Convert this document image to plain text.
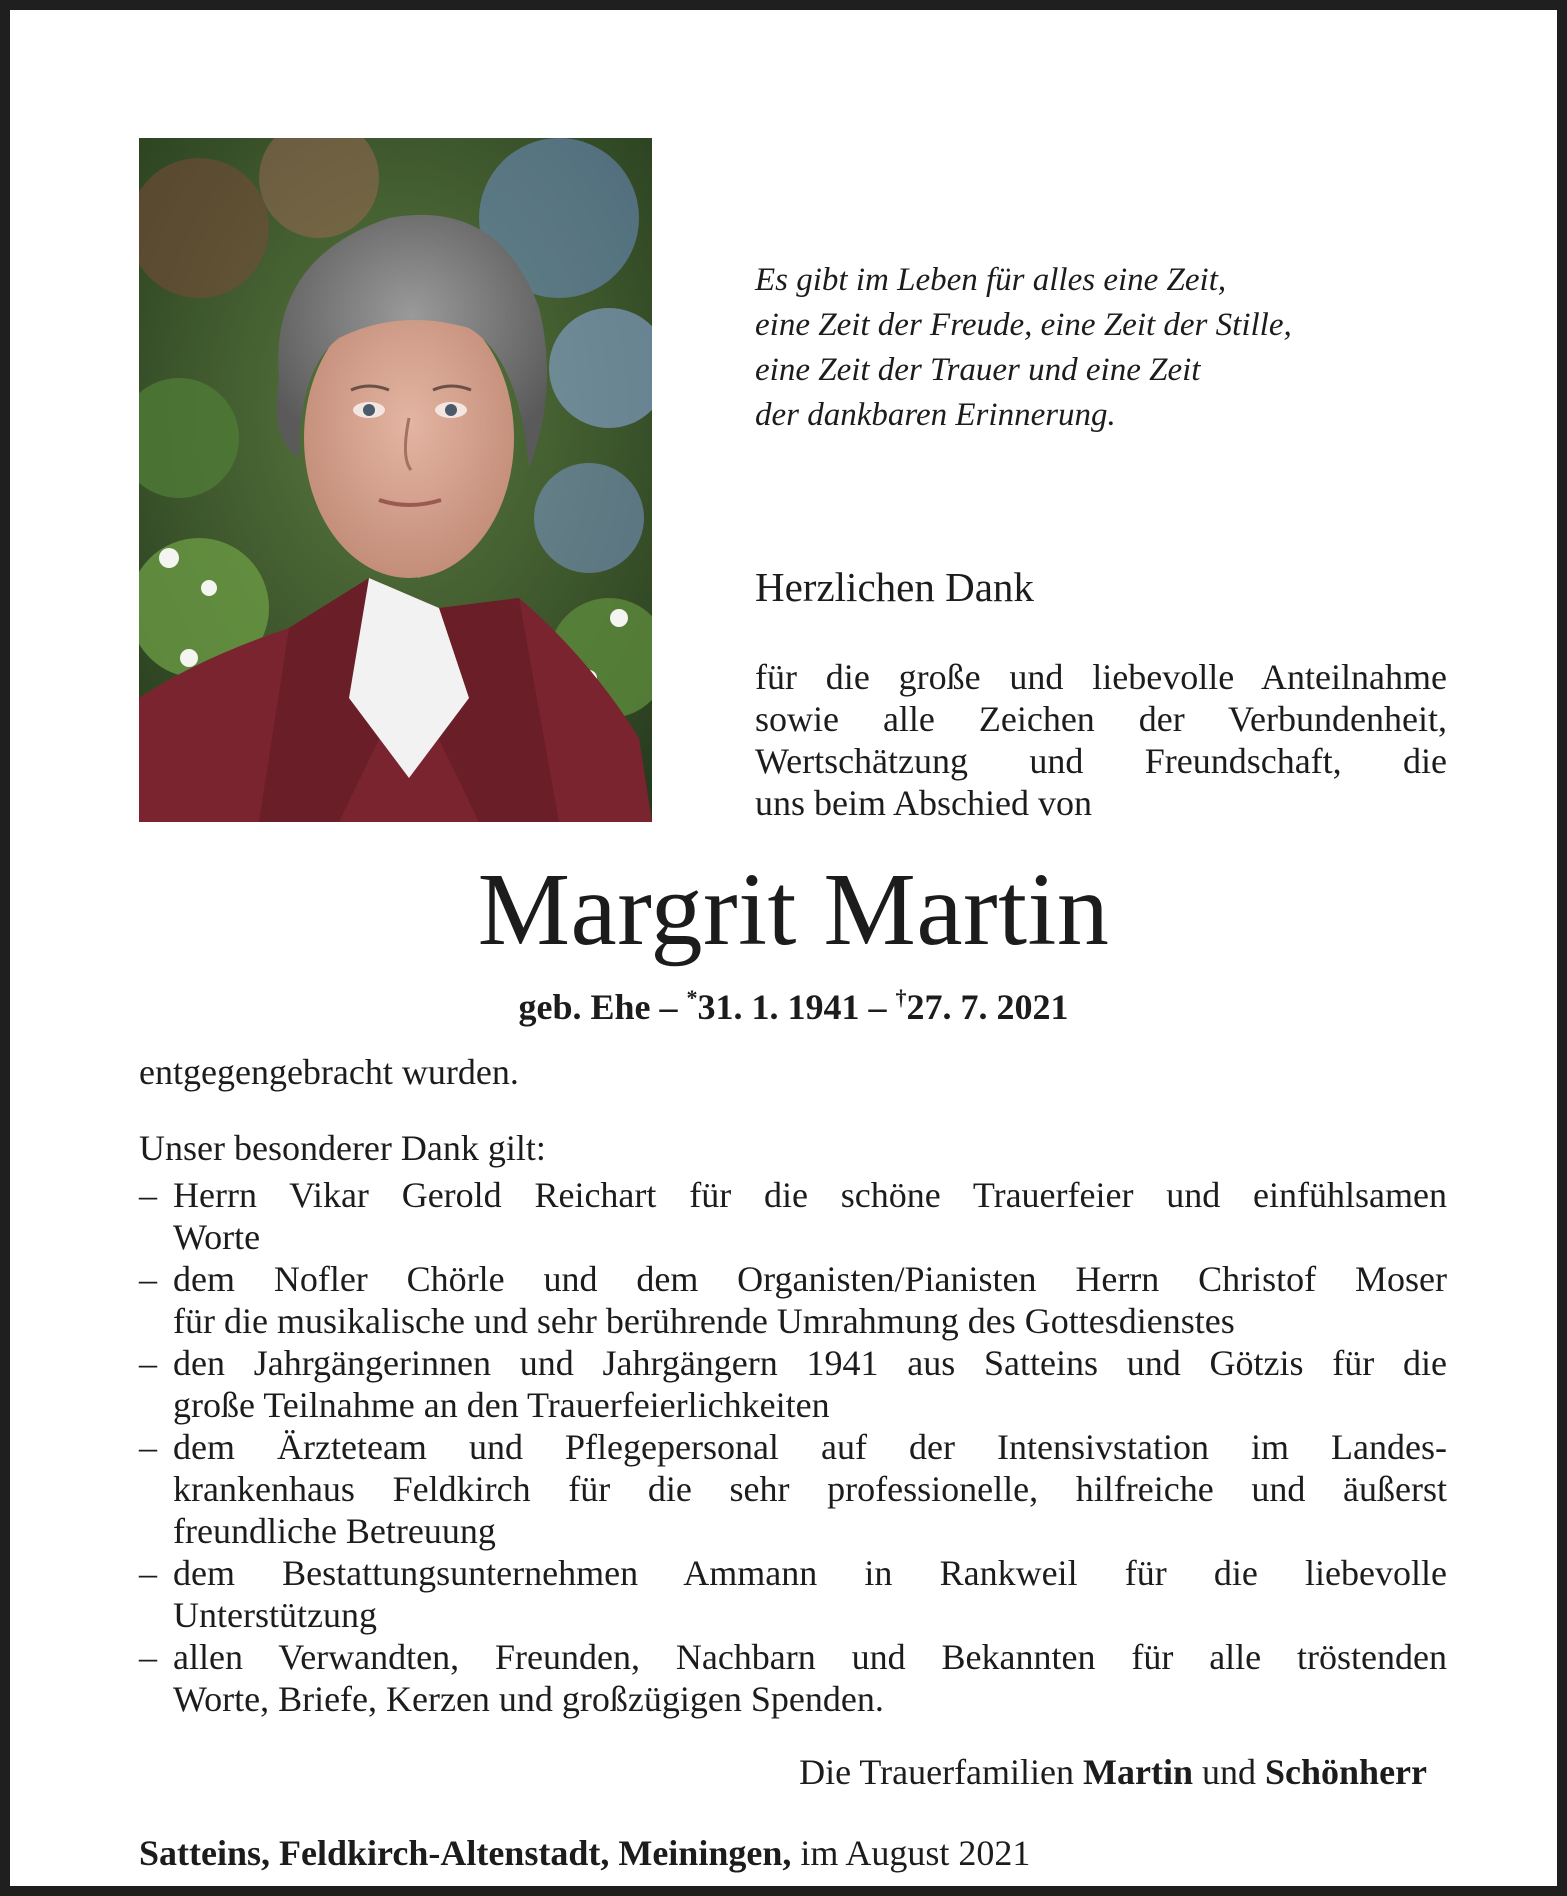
Es gibt im Leben für alles eine Zeit,
eine Zeit der Freude, eine Zeit der Stille,
eine Zeit der Trauer und eine Zeit
der dankbaren Erinnerung.
Herzlichen Dank
für die große und liebevolle Anteilnahme
sowie alle Zeichen der Verbundenheit,
Wertschätzung und Freundschaft, die
uns beim Abschied von
Margrit Martin
geb. Ehe – *31. 1. 1941 – †27. 7. 2021
entgegengebracht wurden.
Unser besonderer Dank gilt:
– Herrn Vikar Gerold Reichart für die schöne Trauerfeier und einfühlsamen
Worte
– dem Nofler Chörle und dem Organisten/Pianisten Herrn Christof Moser
für die musikalische und sehr berührende Umrahmung des Gottesdienstes
– den Jahrgängerinnen und Jahrgängern 1941 aus Satteins und Götzis für die
große Teilnahme an den Trauerfeierlichkeiten
– dem Ärzteteam und Pflegepersonal auf der Intensivstation im Landes-
krankenhaus Feldkirch für die sehr professionelle, hilfreiche und äußerst
freundliche Betreuung
– dem Bestattungsunternehmen Ammann in Rankweil für die liebevolle
Unterstützung
– allen Verwandten, Freunden, Nachbarn und Bekannten für alle tröstenden
Worte, Briefe, Kerzen und großzügigen Spenden.
Die Trauerfamilien Martin und Schönherr
Satteins, Feldkirch-Altenstadt, Meiningen, im August 2021
